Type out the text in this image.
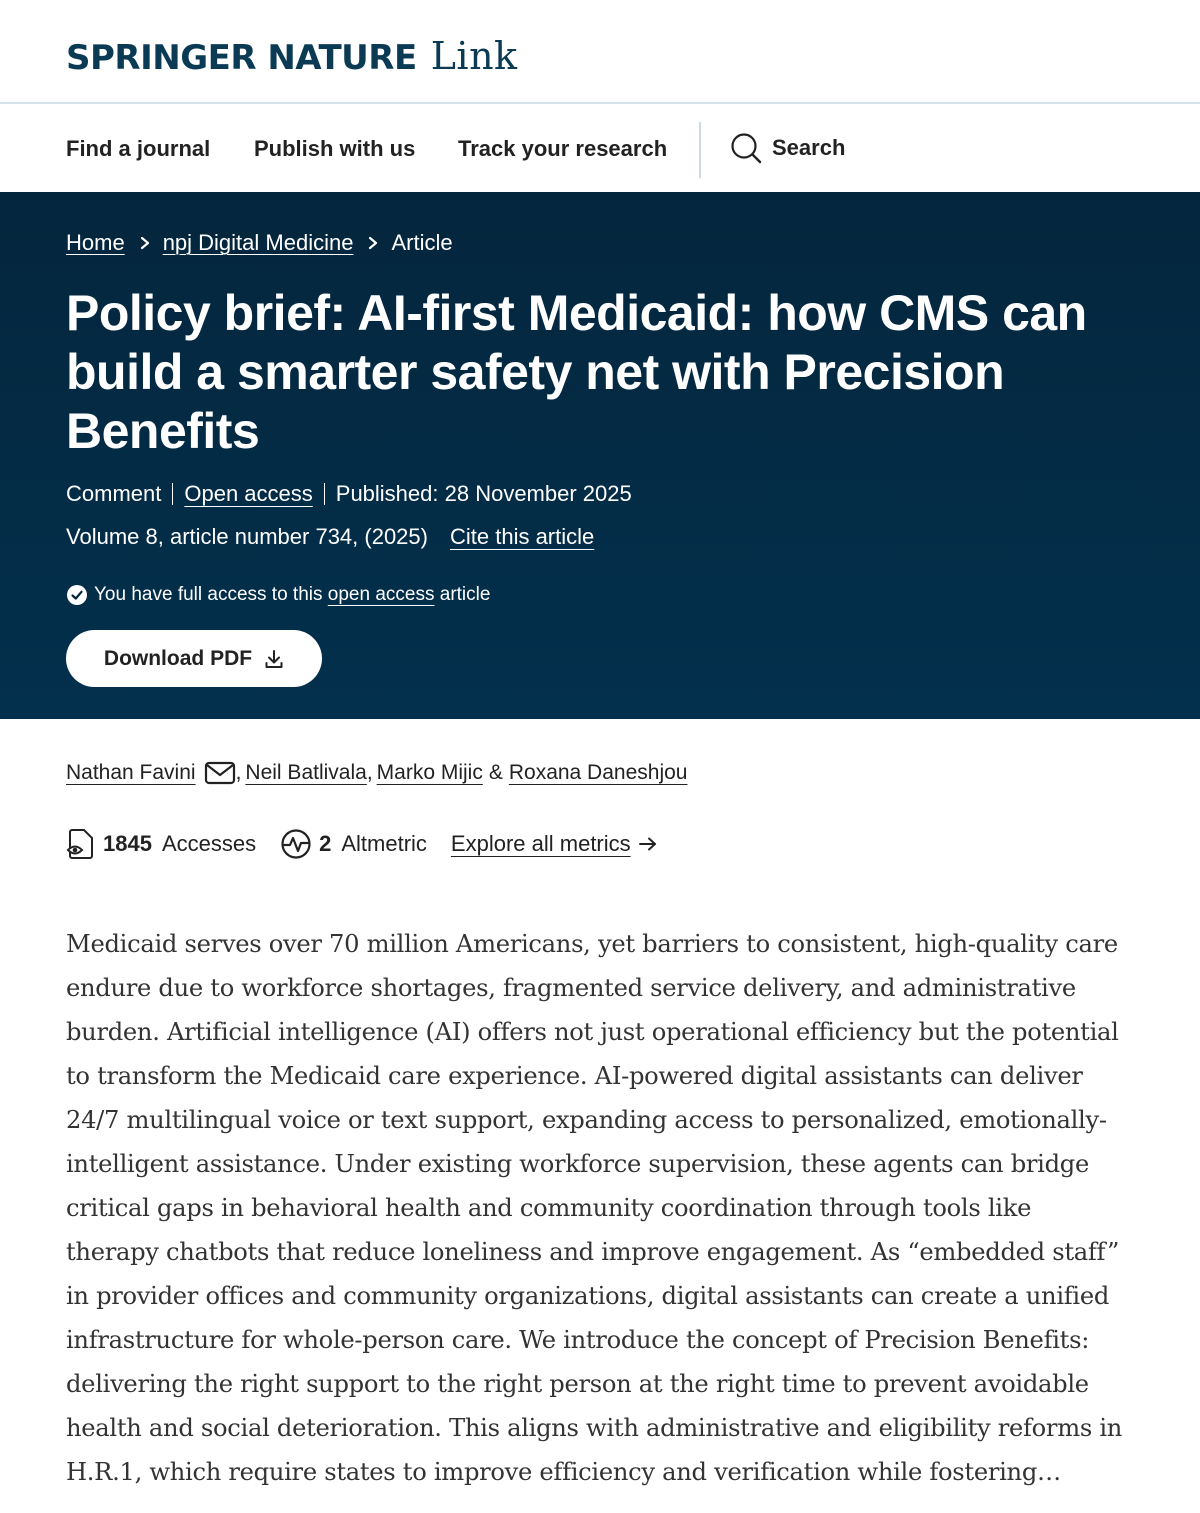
SPRINGER NATURE Link
Find a journal Publish with us Track your research	Search
Home npj Digital Medicine Article
Policy brief: AI-first Medicaid: how CMS can build a smarter safety net with Precision Benefits
Comment Open access Published: 28 November 2025
Volume 8, article number 734, (2025) Cite this article
You have full access to this
open access
article
Download PDF
Nathan Favini , Neil Batlivala , Marko Mijic & Roxana Daneshjou
1845 Accesses	2 Altmetric Explore all metrics

Medicaid serves over 70 million Americans, yet barriers to consistent, high-quality care endure due to workforce shortages, fragmented service delivery, and administrative burden. Artificial intelligence (AI) offers not just operational efficiency but the potential to transform the Medicaid care experience. AI-powered digital assistants can deliver 24/7 multilingual voice or text support, expanding access to personalized, emotionally-intelligent assistance. Under existing workforce supervision, these agents can bridge critical gaps in behavioral health and community coordination through tools like therapy chatbots that reduce loneliness and improve engagement. As “embedded staff” in provider offices and community organizations, digital assistants can create a unified infrastructure for whole-person care. We introduce the concept of Precision Benefits: delivering the right support to the right person at the right time to prevent avoidable health and social deterioration. This aligns with administrative and eligibility reforms in H.R.1, which require states to improve efficiency and verification while fostering…
